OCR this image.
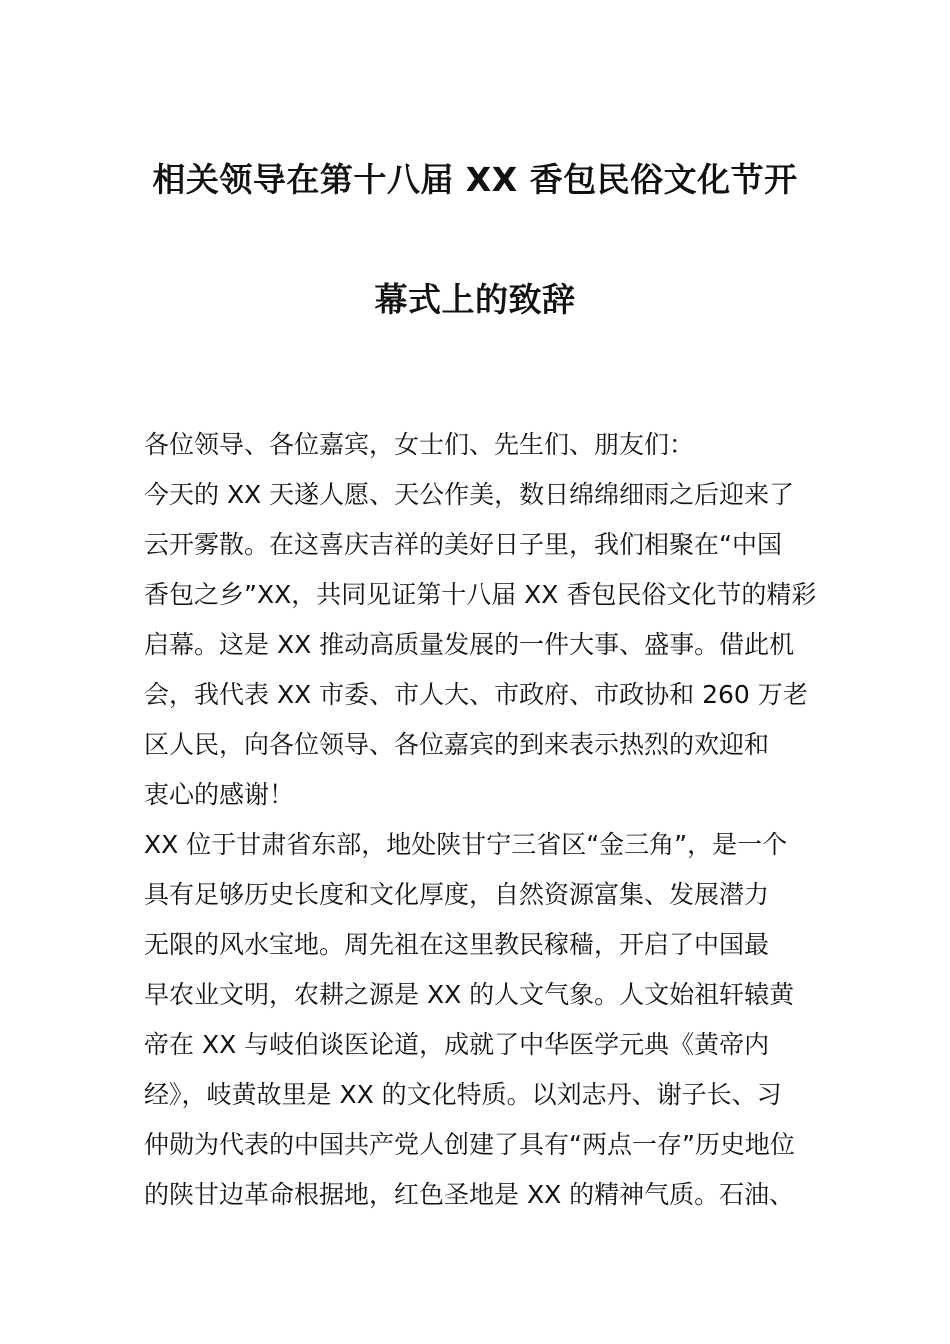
相关领导在第十八届 XX 香包民俗文化节开
幕式上的致辞
各位领导、各位嘉宾，女士们、先生们、朋友们：
今天的 XX 天遂人愿、天公作美，数日绵绵细雨之后迎来了
云开雾散。在这喜庆吉祥的美好日子里，我们相聚在“中国
香包之乡”XX，共同见证第十八届 XX 香包民俗文化节的精彩
启幕。这是 XX 推动高质量发展的一件大事、盛事。借此机
会，我代表 XX 市委、市人大、市政府、市政协和 260 万老
区人民，向各位领导、各位嘉宾的到来表示热烈的欢迎和
衷心的感谢！
XX 位于甘肃省东部，地处陕甘宁三省区“金三角”，是一个
具有足够历史长度和文化厚度，自然资源富集、发展潜力
无限的风水宝地。周先祖在这里教民稼穑，开启了中国最
早农业文明，农耕之源是 XX 的人文气象。人文始祖轩辕黄
帝在 XX 与岐伯谈医论道，成就了中华医学元典《黄帝内
经》，岐黄故里是 XX 的文化特质。以刘志丹、谢子长、习
仲勋为代表的中国共产党人创建了具有“两点一存”历史地位
的陕甘边革命根据地，红色圣地是 XX 的精神气质。石油、
